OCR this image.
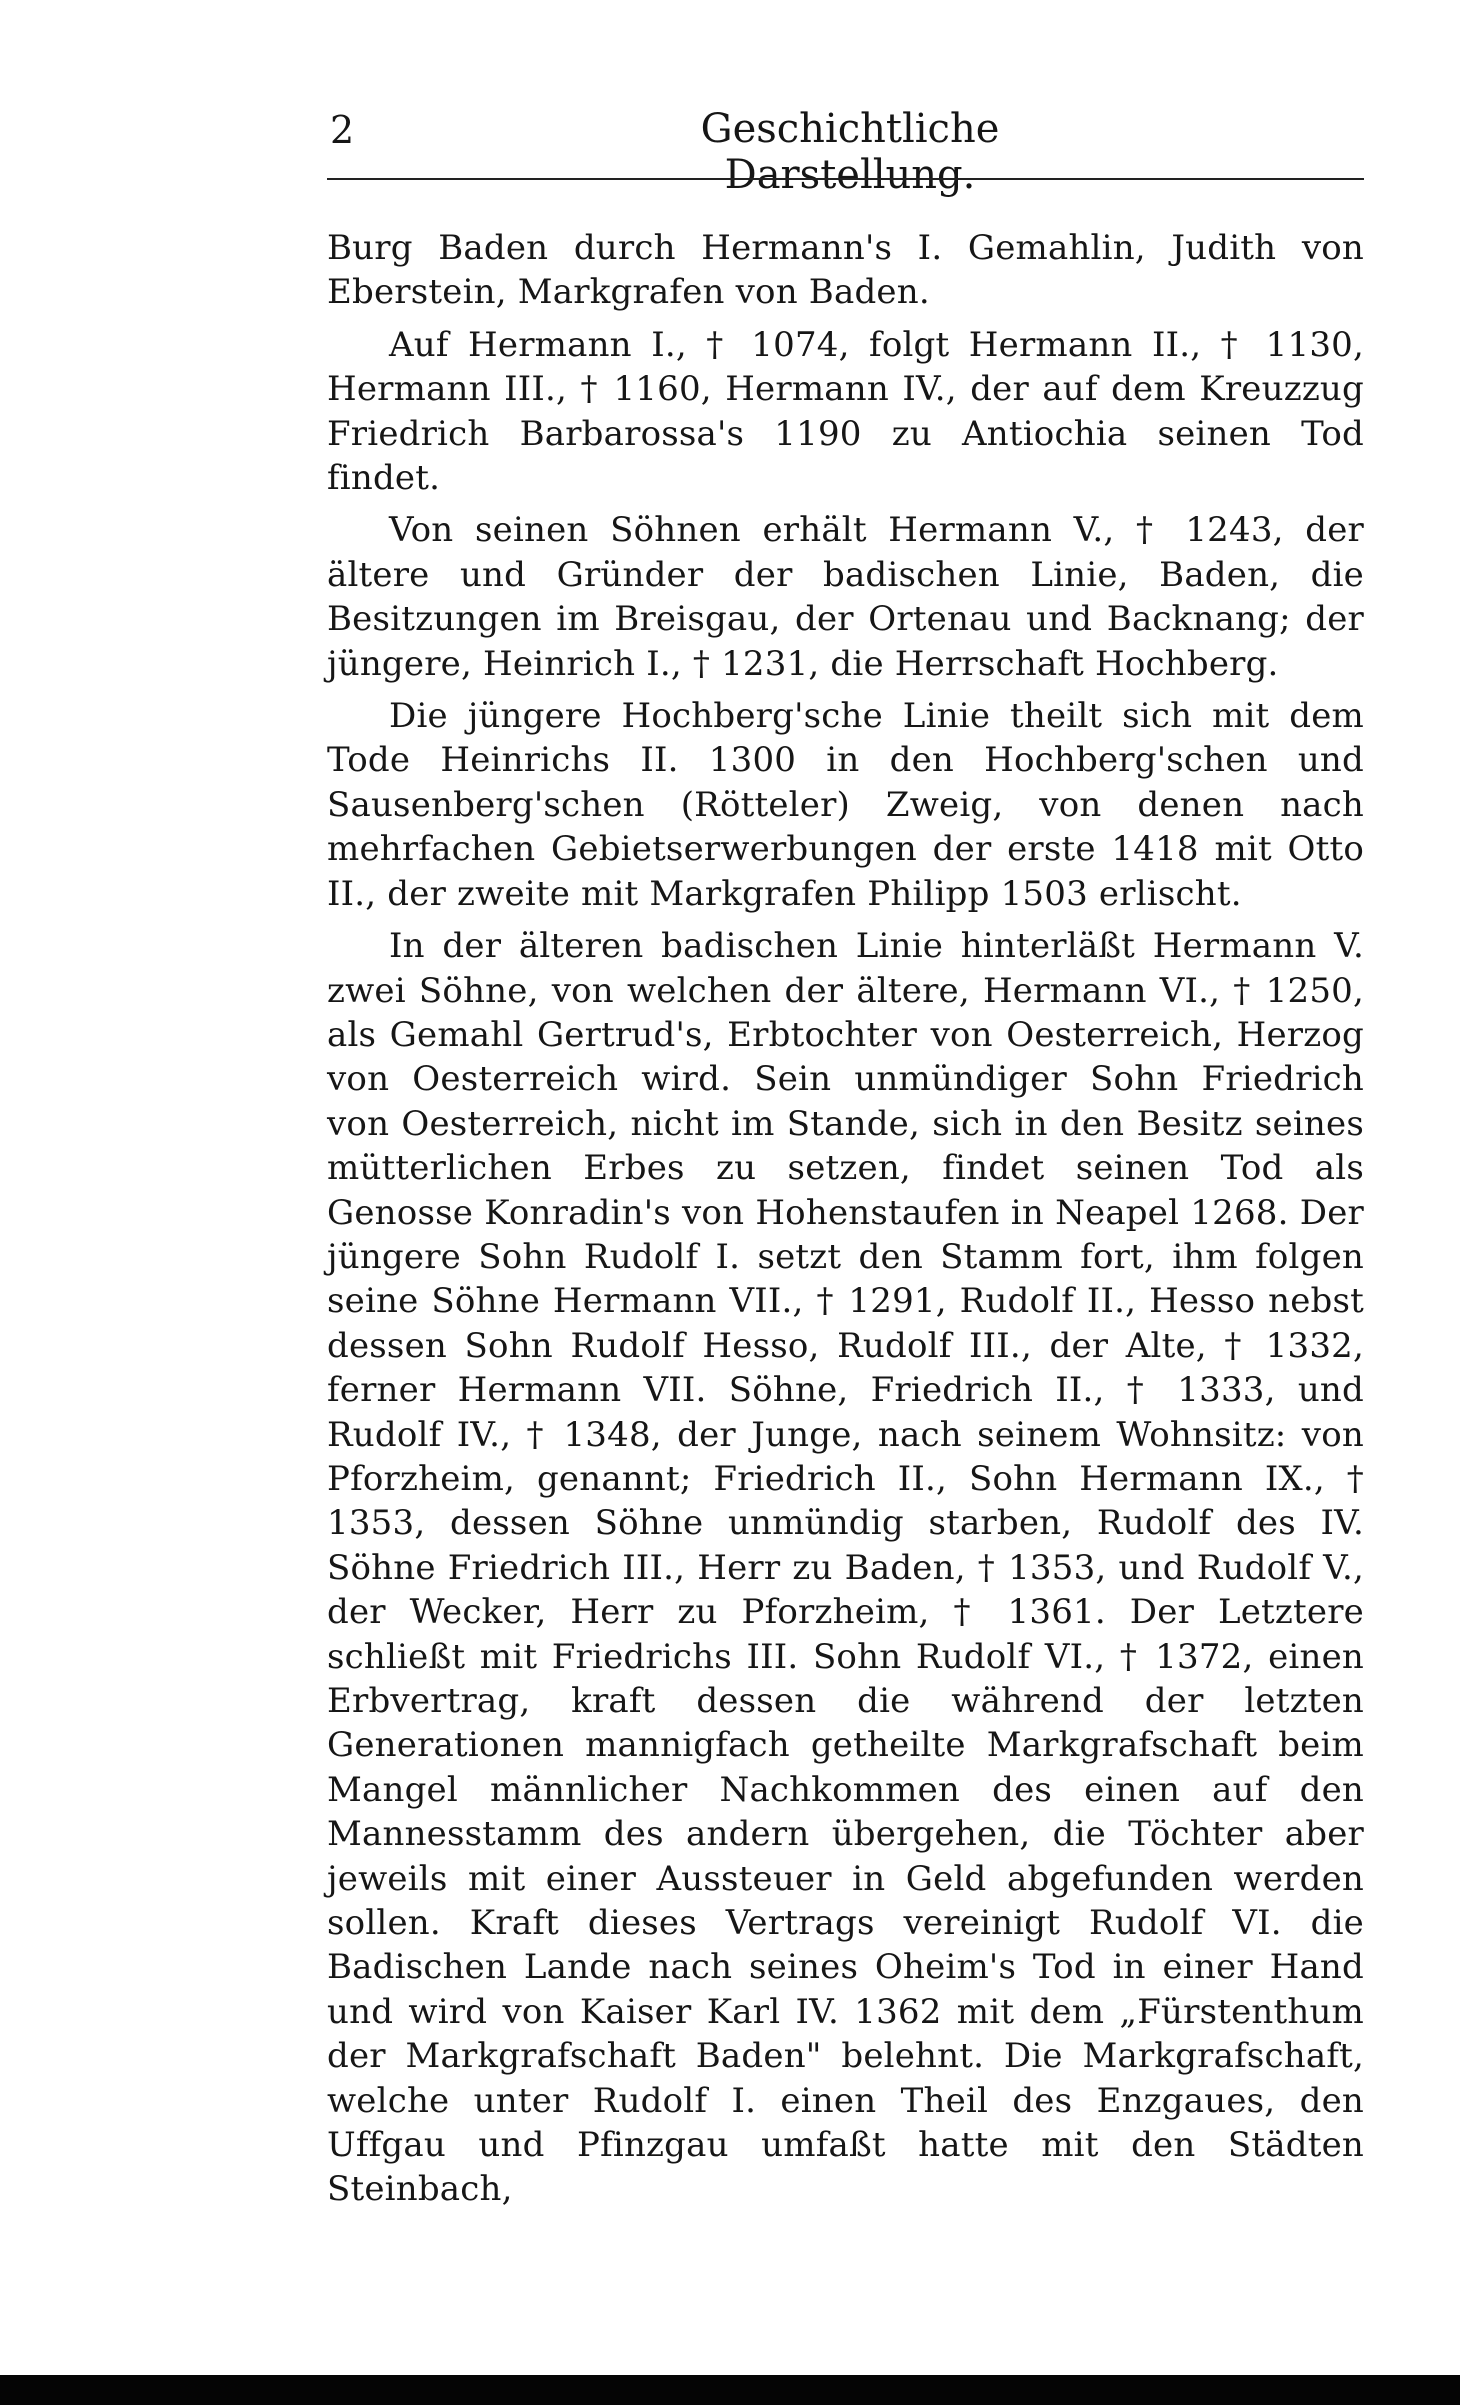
2	Geschichtliche Darstellung.

Burg Baden durch Hermann's I. Gemahlin, Judith von Eberstein, Markgrafen von Baden.

Auf Hermann I., † 1074, folgt Hermann II., † 1130, Hermann III., † 1160, Hermann IV., der auf dem Kreuzzug Friedrich Barbarossa's 1190 zu Antiochia seinen Tod findet.

Von seinen Söhnen erhält Hermann V., † 1243, der ältere und Gründer der badischen Linie, Baden, die Besitzungen im Breisgau, der Ortenau und Backnang; der jüngere, Heinrich I., † 1231, die Herrschaft Hochberg.

Die jüngere Hochberg'sche Linie theilt sich mit dem Tode Heinrichs II. 1300 in den Hochberg'schen und Sausenberg'schen (Rötteler) Zweig, von denen nach mehrfachen Gebietserwerbungen der erste 1418 mit Otto II., der zweite mit Markgrafen Philipp 1503 erlischt.

In der älteren badischen Linie hinterläßt Hermann V. zwei Söhne, von welchen der ältere, Hermann VI., † 1250, als Gemahl Gertrud's, Erbtochter von Oesterreich, Herzog von Oesterreich wird. Sein unmündiger Sohn Friedrich von Oesterreich, nicht im Stande, sich in den Besitz seines mütterlichen Erbes zu setzen, findet seinen Tod als Genosse Konradin's von Hohenstaufen in Neapel 1268. Der jüngere Sohn Rudolf I. setzt den Stamm fort, ihm folgen seine Söhne Hermann VII., † 1291, Rudolf II., Hesso nebst dessen Sohn Rudolf Hesso, Rudolf III., der Alte, † 1332, ferner Hermann VII. Söhne, Friedrich II., † 1333, und Rudolf IV., † 1348, der Junge, nach seinem Wohnsitz: von Pforzheim, genannt; Friedrich II., Sohn Hermann IX., † 1353, dessen Söhne unmündig starben, Rudolf des IV. Söhne Friedrich III., Herr zu Baden, † 1353, und Rudolf V., der Wecker, Herr zu Pforzheim, † 1361. Der Letztere schließt mit Friedrichs III. Sohn Rudolf VI., † 1372, einen Erbvertrag, kraft dessen die während der letzten Generationen mannigfach getheilte Markgrafschaft beim Mangel männlicher Nachkommen des einen auf den Mannesstamm des andern übergehen, die Töchter aber jeweils mit einer Aussteuer in Geld abgefunden werden sollen. Kraft dieses Vertrags vereinigt Rudolf VI. die Badischen Lande nach seines Oheim's Tod in einer Hand und wird von Kaiser Karl IV. 1362 mit dem „Fürstenthum der Markgrafschaft Baden" belehnt. Die Markgrafschaft, welche unter Rudolf I. einen Theil des Enzgaues, den Uffgau und Pfinzgau umfaßt hatte mit den Städten Steinbach,
